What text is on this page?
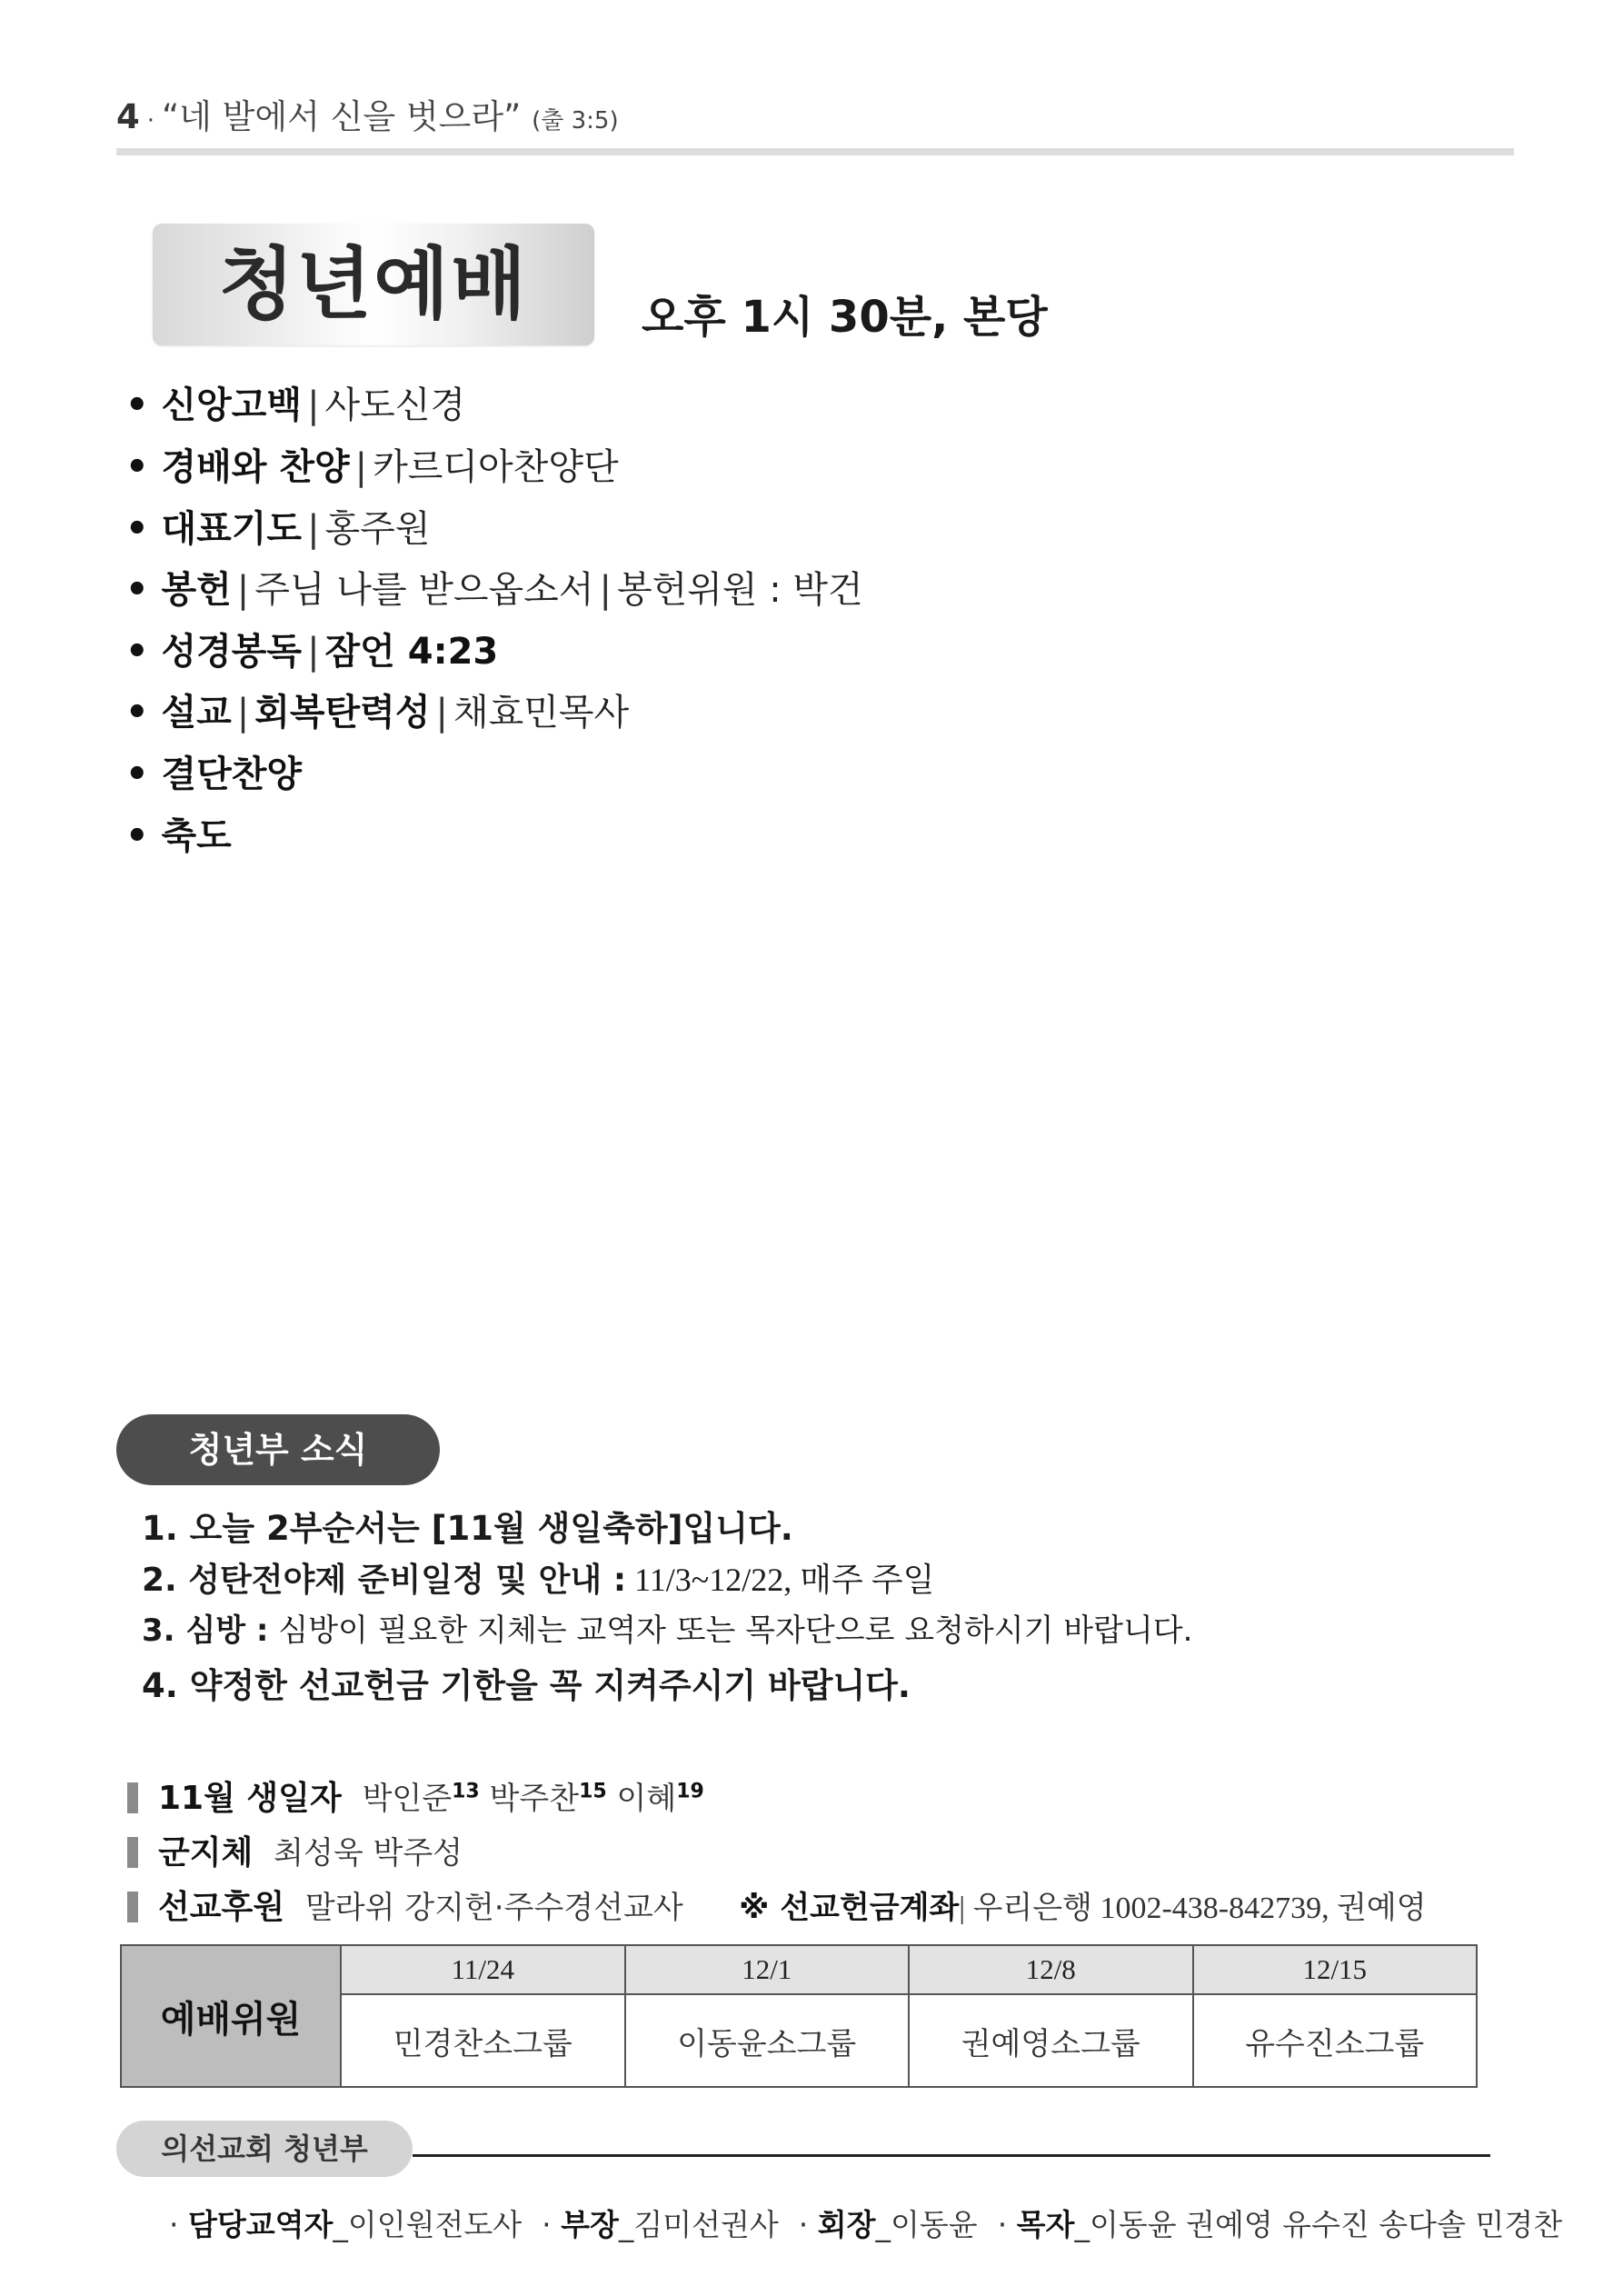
4 · “네 발에서 신을 벗으라” (출 3:5)
청년예배	오후 1시 30분, 본당
• 신앙고백 | 사도신경
• 경배와 찬양 | 카르디아찬양단
• 대표기도 | 홍주원
• 봉헌 | 주님 나를 받으옵소서 | 봉헌위원 : 박건
• 성경봉독 | 잠언 4:23
• 설교 | 회복탄력성 | 채효민목사
• 결단찬양
• 축도
청년부 소식
1. 오늘 2부순서는 [11월 생일축하]입니다.
2. 성탄전야제 준비일정 및 안내 : 11/3~12/22, 매주 주일
3. 심방 : 심방이 필요한 지체는 교역자 또는 목자단으로 요청하시기 바랍니다.
4. 약정한 선교헌금 기한을 꼭 지켜주시기 바랍니다.
11월 생일자 박인준$^{13}$ 박주찬$^{15}$ 이혜$^{19}$
군지체 최성욱 박주성
선교후원 말라위 강지헌·주수경선교사 ※ 선교헌금계좌| 우리은행 1002-438-842739, 권예영
예배위원	11/24	12/1	12/8	12/15
	민경찬소그룹	이동윤소그룹	권예영소그룹	유수진소그룹
의선교회 청년부
· 담당교역자_이인원전도사 · 부장_김미선권사 · 회장_이동윤 · 목자_이동윤 권예영 유수진 송다솔 민경찬
